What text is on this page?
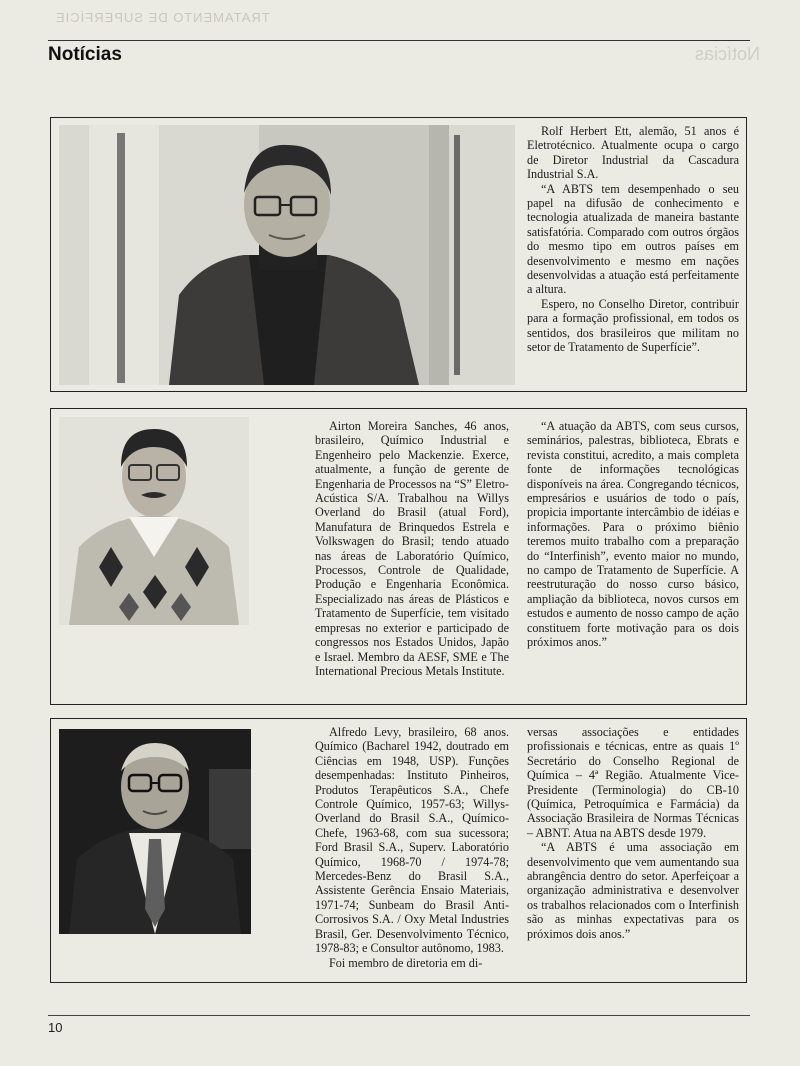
TRATAMENTO DE SUPERFÍCIE
Notícias
Notícias

Rolf Herbert Ett, alemão, 51 anos é Eletrotécnico. Atualmente ocupa o cargo de Diretor Industrial da Cascadura Industrial S.A.

“A ABTS tem desempenhado o seu papel na difusão de conhecimento e tecnologia atualizada de maneira bastante satisfatória. Comparado com outros órgãos do mesmo tipo em outros países em desenvolvimento e mesmo em nações desenvolvidas a atuação está perfeitamente a altura.

Espero, no Conselho Diretor, contribuir para a formação profissional, em todos os sentidos, dos brasileiros que militam no setor de Tratamento de Superfície”.

Airton Moreira Sanches, 46 anos, brasileiro, Químico Industrial e Engenheiro pelo Mackenzie. Exerce, atualmente, a função de gerente de Engenharia de Processos na “S” Eletro-Acústica S/A. Trabalhou na Willys Overland do Brasil (atual Ford), Manufatura de Brinquedos Estrela e Volkswagen do Brasil; tendo atuado nas áreas de Laboratório Químico, Processos, Controle de Qualidade, Produção e Engenharia Econômica. Especializado nas áreas de Plásticos e Tratamento de Superfície, tem visitado empresas no exterior e participado de congressos nos Estados Unidos, Japão e Israel. Membro da AESF, SME e The International Precious Metals Institute.

“A atuação da ABTS, com seus cursos, seminários, palestras, biblioteca, Ebrats e revista constitui, acredito, a mais completa fonte de informações tecnológicas disponíveis na área. Congregando técnicos, empresários e usuários de todo o país, propicia importante intercâmbio de idéias e informações. Para o próximo biênio teremos muito trabalho com a preparação do “Interfinish”, evento maior no mundo, no campo de Tratamento de Superfície. A reestruturação do nosso curso básico, ampliação da biblioteca, novos cursos em estudos e aumento de nosso campo de ação constituem forte motivação para os dois próximos anos.”

Alfredo Levy, brasileiro, 68 anos. Químico (Bacharel 1942, doutrado em Ciências em 1948, USP). Funções desempenhadas: Instituto Pinheiros, Produtos Terapêuticos S.A., Chefe Controle Químico, 1957-63; Willys-Overland do Brasil S.A., Químico-Chefe, 1963-68, com sua sucessora; Ford Brasil S.A., Superv. Laboratório Químico, 1968-70 / 1974-78; Mercedes-Benz do Brasil S.A., Assistente Gerência Ensaio Materiais, 1971-74; Sunbeam do Brasil Anti-Corrosivos S.A. / Oxy Metal Industries Brasil, Ger. Desenvolvimento Técnico, 1978-83; e Consultor autônomo, 1983.

Foi membro de diretoria em di-

versas associações e entidades profissionais e técnicas, entre as quais 1º Secretário do Conselho Regional de Química – 4ª Região. Atualmente Vice-Presidente (Terminologia) do CB-10 (Química, Petroquímica e Farmácia) da Associação Brasileira de Normas Técnicas – ABNT. Atua na ABTS desde 1979.

“A ABTS é uma associação em desenvolvimento que vem aumentando sua abrangência dentro do setor. Aperfeiçoar a organização administrativa e desenvolver os trabalhos relacionados com o Interfinish são as minhas expectativas para os próximos dois anos.”

10
